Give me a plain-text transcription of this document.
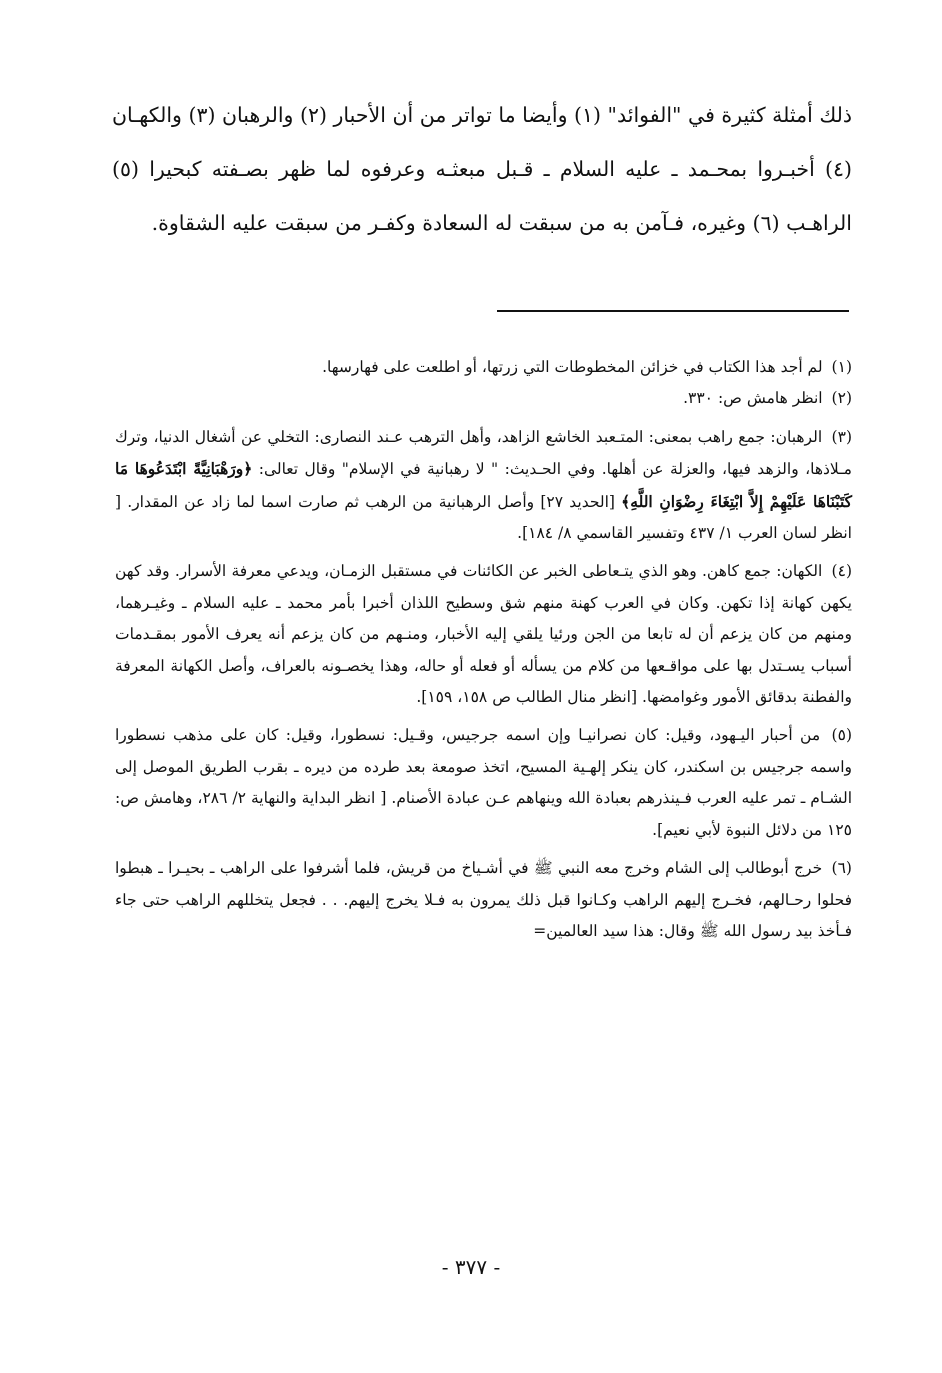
ذلك أمثلة كثيرة في "الفوائد" (١) وأيضا ما تواتر من أن الأحبار (٢) والرهبان (٣) والكهـان (٤) أخبـروا بمحـمد ـ عليه السلام ـ قـبل مبعثـه وعرفوه لما ظهر بصـفته كبحيرا (٥) الراهـب (٦) وغيره، فـآمن به من سبقت له السعادة وكفـر من سبقت عليه الشقاوة.

(١) لم أجد هذا الكتاب في خزائن المخطوطات التي زرتها، أو اطلعت على فهارسها.

(٢) انظر هامش ص: ٣٣٠.

(٣) الرهبان: جمع راهب بمعنى: المتـعبد الخاشع الزاهد، وأهل الترهب عـند النصارى: التخلي عن أشغال الدنيا، وترك مـلاذها، والزهد فيها، والعزلة عن أهلها. وفي الحـديث: " لا رهبانية في الإسلام" وقال تعالى: ﴿ورَهْبَانِيَّةً ابْتَدَعُوهَا مَا كَتَبْنَاهَا عَلَيْهِمْ إِلاَّ ابْتِغَاءَ رِضْوَانِ اللَّهِ﴾ [الحديد ٢٧] وأصل الرهبانية من الرهب ثم صارت اسما لما زاد عن المقدار. [ انظر لسان العرب ١/ ٤٣٧ وتفسير القاسمي ٨/ ١٨٤].

(٤) الكهان: جمع كاهن. وهو الذي يتـعاطى الخبر عن الكائنات في مستقبل الزمـان، ويدعي معرفة الأسرار. وقد كهن يكهن كهانة إذا تكهن. وكان في العرب كهنة منهم شق وسطيح اللذان أخبرا بأمر محمد ـ عليه السلام ـ وغيـرهما، ومنهم من كان يزعم أن له تابعا من الجن ورئيا يلقي إليه الأخبار، ومنـهم من كان يزعم أنه يعرف الأمور بمقـدمات أسباب يسـتدل بها على مواقـعها من كلام من يسأله أو فعله أو حاله، وهذا يخصـونه بالعراف، وأصل الكهانة المعرفة والفطنة بدقائق الأمور وغوامضها. [انظر منال الطالب ص ١٥٨، ١٥٩].

(٥) من أحبار اليـهود، وقيل: كان نصرانيـا وإن اسمه جرجيس، وقـيل: نسطورا، وقيل: كان على مذهب نسطورا واسمه جرجيس بن اسكندر، كان ينكر إلهـية المسيح، اتخذ صومعة بعد طرده من ديره ـ بقرب الطريق الموصل إلى الشـام ـ تمر عليه العرب فـينذرهم بعبادة الله وينهاهم عـن عبادة الأصنام. [ انظر البداية والنهاية ٢/ ٢٨٦، وهامش ص: ١٢٥ من دلائل النبوة لأبي نعيم].

(٦) خرج أبوطالب إلى الشام وخرج معه النبي ﷺ في أشـياخ من قريش، فلما أشرفوا على الراهب ـ بحيـرا ـ هبطوا فحلوا رحـالهم، فخـرج إليهم الراهب وكـانوا قبل ذلك يمرون به فـلا يخرج إليهم. . . فجعل يتخللهم الراهب حتى جاء فـأخذ بيد رسول الله ﷺ وقال: هذا سيد العالمين=

- ٣٧٧ -
